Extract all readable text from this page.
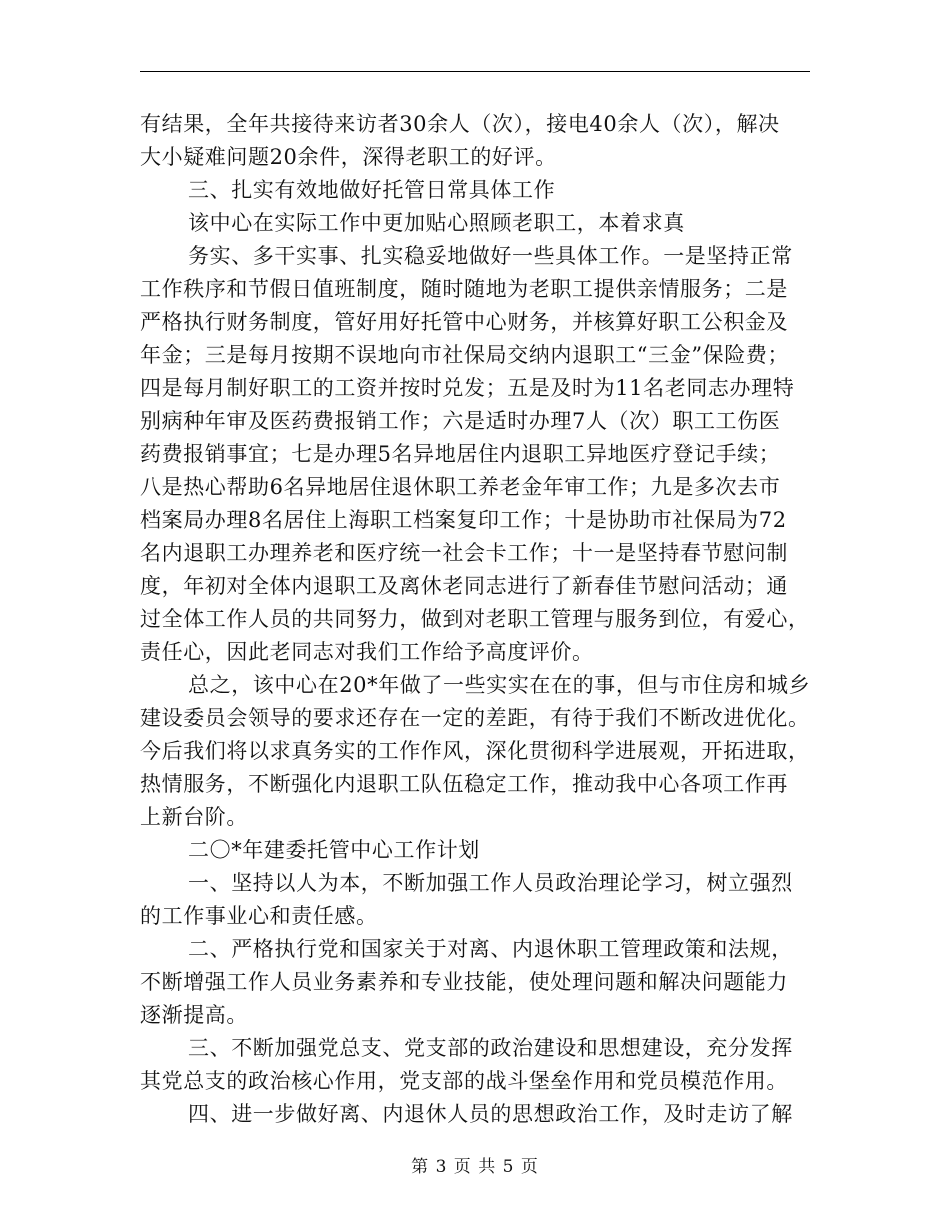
有结果，全年共接待来访者30余人（次），接电40余人（次），解决
大小疑难问题20余件，深得老职工的好评。
三、扎实有效地做好托管日常具体工作
该中心在实际工作中更加贴心照顾老职工，本着求真
务实、多干实事、扎实稳妥地做好一些具体工作。一是坚持正常
工作秩序和节假日值班制度，随时随地为老职工提供亲情服务；二是
严格执行财务制度，管好用好托管中心财务，并核算好职工公积金及
年金；三是每月按期不误地向市社保局交纳内退职工“三金”保险费；
四是每月制好职工的工资并按时兑发；五是及时为11名老同志办理特
别病种年审及医药费报销工作；六是适时办理7人（次）职工工伤医
药费报销事宜；七是办理5名异地居住内退职工异地医疗登记手续；
八是热心帮助6名异地居住退休职工养老金年审工作；九是多次去市
档案局办理8名居住上海职工档案复印工作；十是协助市社保局为72
名内退职工办理养老和医疗统一社会卡工作；十一是坚持春节慰问制
度，年初对全体内退职工及离休老同志进行了新春佳节慰问活动；通
过全体工作人员的共同努力，做到对老职工管理与服务到位，有爱心，
责任心，因此老同志对我们工作给予高度评价。
总之，该中心在20*年做了一些实实在在的事，但与市住房和城乡
建设委员会领导的要求还存在一定的差距，有待于我们不断改进优化。
今后我们将以求真务实的工作作风，深化贯彻科学进展观，开拓进取，
热情服务，不断强化内退职工队伍稳定工作，推动我中心各项工作再
上新台阶。
二〇*年建委托管中心工作计划
一、坚持以人为本，不断加强工作人员政治理论学习，树立强烈
的工作事业心和责任感。
二、严格执行党和国家关于对离、内退休职工管理政策和法规，
不断增强工作人员业务素养和专业技能，使处理问题和解决问题能力
逐渐提高。
三、不断加强党总支、党支部的政治建设和思想建设，充分发挥
其党总支的政治核心作用，党支部的战斗堡垒作用和党员模范作用。
四、进一步做好离、内退休人员的思想政治工作，及时走访了解
第 3 页 共 5 页
